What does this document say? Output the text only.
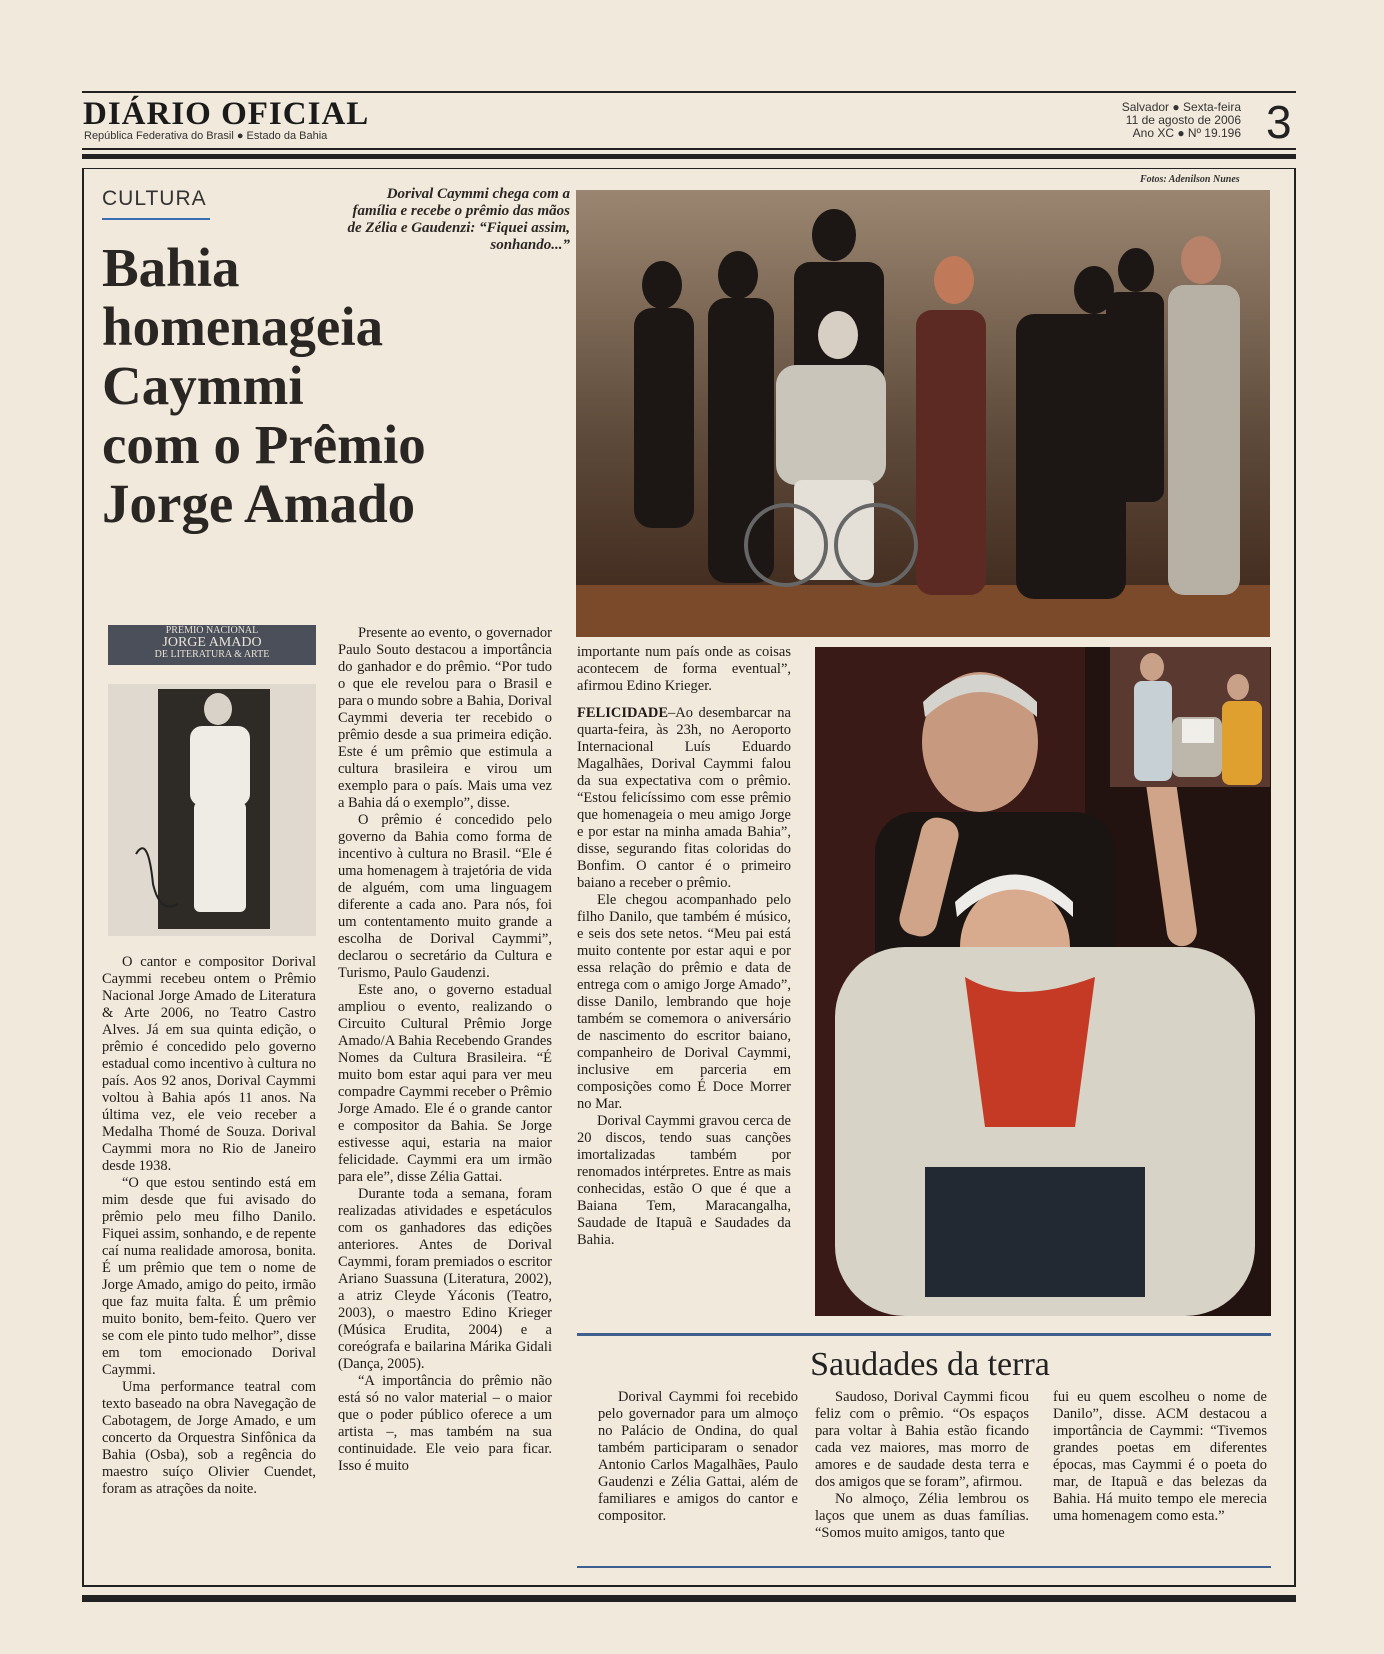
DIÁRIO OFICIAL
República Federativa do Brasil ● Estado da Bahia
Salvador ● Sexta-feira
11 de agosto de 2006
Ano XC ● Nº 19.196 3
CULTURA
Bahia
homenageia
Caymmi
com o Prêmio
Jorge Amado
Dorival Caymmi chega com a família e recebe o prêmio das mãos de Zélia e Gaudenzi: “Fiquei assim, sonhando...”
Fotos: Adenilson Nunes
PRÊMIO NACIONAL
JORGE AMADO
DE LITERATURA & ARTE

O cantor e compositor Dorival Caymmi recebeu ontem o Prêmio Nacional Jorge Amado de Literatura & Arte 2006, no Teatro Castro Alves. Já em sua quinta edição, o prêmio é concedido pelo governo estadual como incentivo à cultura no país. Aos 92 anos, Dorival Caymmi voltou à Bahia após 11 anos. Na última vez, ele veio receber a Medalha Thomé de Souza. Dorival Caymmi mora no Rio de Janeiro desde 1938.

“O que estou sentindo está em mim desde que fui avisado do prêmio pelo meu filho Danilo. Fiquei assim, sonhando, e de repente caí numa realidade amorosa, bonita. É um prêmio que tem o nome de Jorge Amado, amigo do peito, irmão que faz muita falta. É um prêmio muito bonito, bem-feito. Quero ver se com ele pinto tudo melhor”, disse em tom emocionado Dorival Caymmi.

Uma performance teatral com texto baseado na obra Navegação de Cabotagem, de Jorge Amado, e um concerto da Orquestra Sinfônica da Bahia (Osba), sob a regência do maestro suíço Olivier Cuendet, foram as atrações da noite.

Presente ao evento, o governador Paulo Souto destacou a importância do ganhador e do prêmio. “Por tudo o que ele revelou para o Brasil e para o mundo sobre a Bahia, Dorival Caymmi deveria ter recebido o prêmio desde a sua primeira edição. Este é um prêmio que estimula a cultura brasileira e virou um exemplo para o país. Mais uma vez a Bahia dá o exemplo”, disse.

O prêmio é concedido pelo governo da Bahia como forma de incentivo à cultura no Brasil. “Ele é uma homenagem à trajetória de vida de alguém, com uma linguagem diferente a cada ano. Para nós, foi um contentamento muito grande a escolha de Dorival Caymmi”, declarou o secretário da Cultura e Turismo, Paulo Gaudenzi.

Este ano, o governo estadual ampliou o evento, realizando o Circuito Cultural Prêmio Jorge Amado/A Bahia Recebendo Grandes Nomes da Cultura Brasileira. “É muito bom estar aqui para ver meu compadre Caymmi receber o Prêmio Jorge Amado. Ele é o grande cantor e compositor da Bahia. Se Jorge estivesse aqui, estaria na maior felicidade. Caymmi era um irmão para ele”, disse Zélia Gattai.

Durante toda a semana, foram realizadas atividades e espetáculos com os ganhadores das edições anteriores. Antes de Dorival Caymmi, foram premiados o escritor Ariano Suassuna (Literatura, 2002), a atriz Cleyde Yáconis (Teatro, 2003), o maestro Edino Krieger (Música Erudita, 2004) e a coreógrafa e bailarina Márika Gidali (Dança, 2005).

“A importância do prêmio não está só no valor material – o maior que o poder público oferece a um artista –, mas também na sua continuidade. Ele veio para ficar. Isso é muito

importante num país onde as coisas acontecem de forma eventual”, afirmou Edino Krieger.

FELICIDADE–Ao desembarcar na quarta-feira, às 23h, no Aeroporto Internacional Luís Eduardo Magalhães, Dorival Caymmi falou da sua expectativa com o prêmio. “Estou felicíssimo com esse prêmio que homenageia o meu amigo Jorge e por estar na minha amada Bahia”, disse, segurando fitas coloridas do Bonfim. O cantor é o primeiro baiano a receber o prêmio.

Ele chegou acompanhado pelo filho Danilo, que também é músico, e seis dos sete netos. “Meu pai está muito contente por estar aqui e por essa relação do prêmio e data de entrega com o amigo Jorge Amado”, disse Danilo, lembrando que hoje também se comemora o aniversário de nascimento do escritor baiano, companheiro de Dorival Caymmi, inclusive em parceria em composições como É Doce Morrer no Mar.

Dorival Caymmi gravou cerca de 20 discos, tendo suas canções imortalizadas também por renomados intérpretes. Entre as mais conhecidas, estão O que é que a Baiana Tem, Maracangalha, Saudade de Itapuã e Saudades da Bahia.

Saudades da terra

Dorival Caymmi foi recebido pelo governador para um almoço no Palácio de Ondina, do qual também participaram o senador Antonio Carlos Magalhães, Paulo Gaudenzi e Zélia Gattai, além de familiares e amigos do cantor e compositor.

Saudoso, Dorival Caymmi ficou feliz com o prêmio. “Os espaços para voltar à Bahia estão ficando cada vez maiores, mas morro de amores e de saudade desta terra e dos amigos que se foram”, afirmou.

No almoço, Zélia lembrou os laços que unem as duas famílias. “Somos muito amigos, tanto que

fui eu quem escolheu o nome de Danilo”, disse. ACM destacou a importância de Caymmi: “Tivemos grandes poetas em diferentes épocas, mas Caymmi é o poeta do mar, de Itapuã e das belezas da Bahia. Há muito tempo ele merecia uma homenagem como esta.”
